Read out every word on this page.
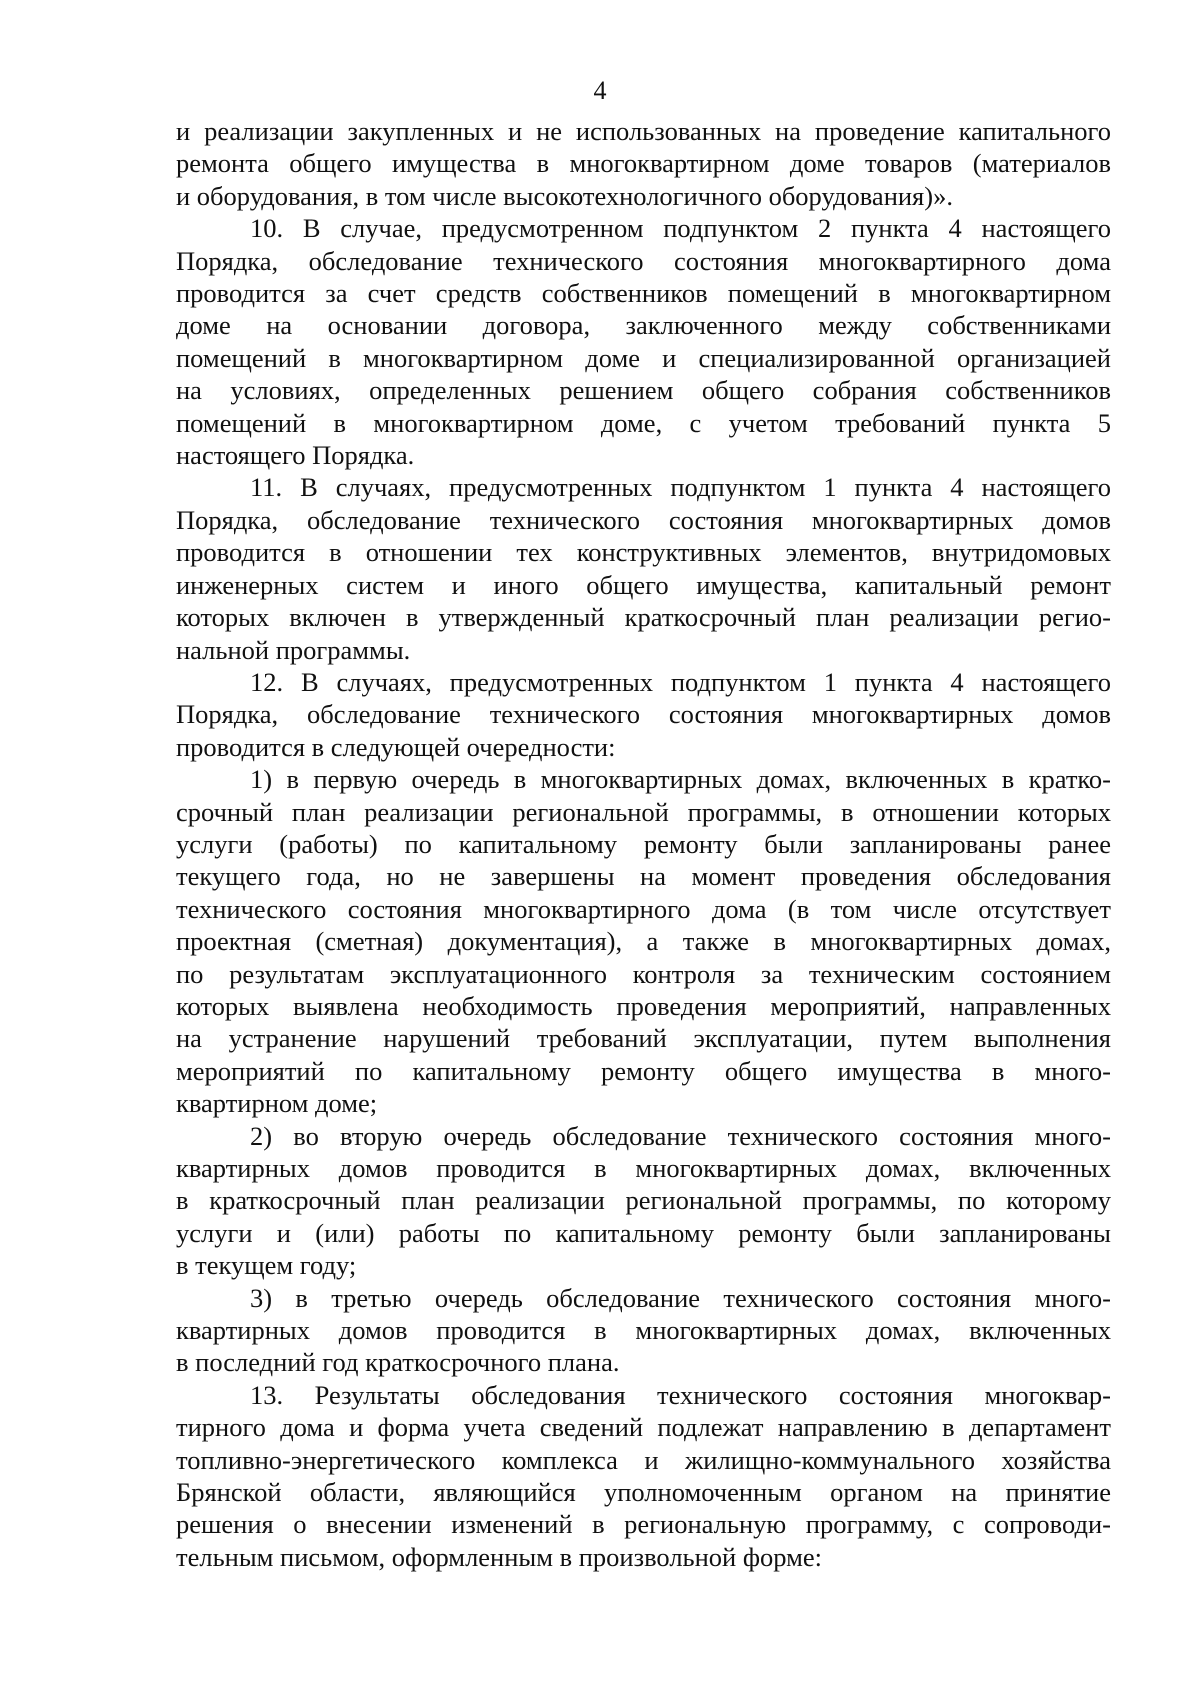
4
и реализации закупленных и не использованных на проведение капитального
ремонта общего имущества в многоквартирном доме товаров (материалов
и оборудования, в том числе высокотехнологичного оборудования)».
10. В случае, предусмотренном подпунктом 2 пункта 4 настоящего
Порядка, обследование технического состояния многоквартирного дома
проводится за счет средств собственников помещений в многоквартирном
доме на основании договора, заключенного между собственниками
помещений в многоквартирном доме и специализированной организацией
на условиях, определенных решением общего собрания собственников
помещений в многоквартирном доме, с учетом требований пункта 5
настоящего Порядка.
11. В случаях, предусмотренных подпунктом 1 пункта 4 настоящего
Порядка, обследование технического состояния многоквартирных домов
проводится в отношении тех конструктивных элементов, внутридомовых
инженерных систем и иного общего имущества, капитальный ремонт
которых включен в утвержденный краткосрочный план реализации регио-
нальной программы.
12. В случаях, предусмотренных подпунктом 1 пункта 4 настоящего
Порядка, обследование технического состояния многоквартирных домов
проводится в следующей очередности:
1) в первую очередь в многоквартирных домах, включенных в кратко-
срочный план реализации региональной программы, в отношении которых
услуги (работы) по капитальному ремонту были запланированы ранее
текущего года, но не завершены на момент проведения обследования
технического состояния многоквартирного дома (в том числе отсутствует
проектная (сметная) документация), а также в многоквартирных домах,
по результатам эксплуатационного контроля за техническим состоянием
которых выявлена необходимость проведения мероприятий, направленных
на устранение нарушений требований эксплуатации, путем выполнения
мероприятий по капитальному ремонту общего имущества в много-
квартирном доме;
2) во вторую очередь обследование технического состояния много-
квартирных домов проводится в многоквартирных домах, включенных
в краткосрочный план реализации региональной программы, по которому
услуги и (или) работы по капитальному ремонту были запланированы
в текущем году;
3) в третью очередь обследование технического состояния много-
квартирных домов проводится в многоквартирных домах, включенных
в последний год краткосрочного плана.
13. Результаты обследования технического состояния многоквар-
тирного дома и форма учета сведений подлежат направлению в департамент
топливно-энергетического комплекса и жилищно-коммунального хозяйства
Брянской области, являющийся уполномоченным органом на принятие
решения о внесении изменений в региональную программу, с сопроводи-
тельным письмом, оформленным в произвольной форме:
